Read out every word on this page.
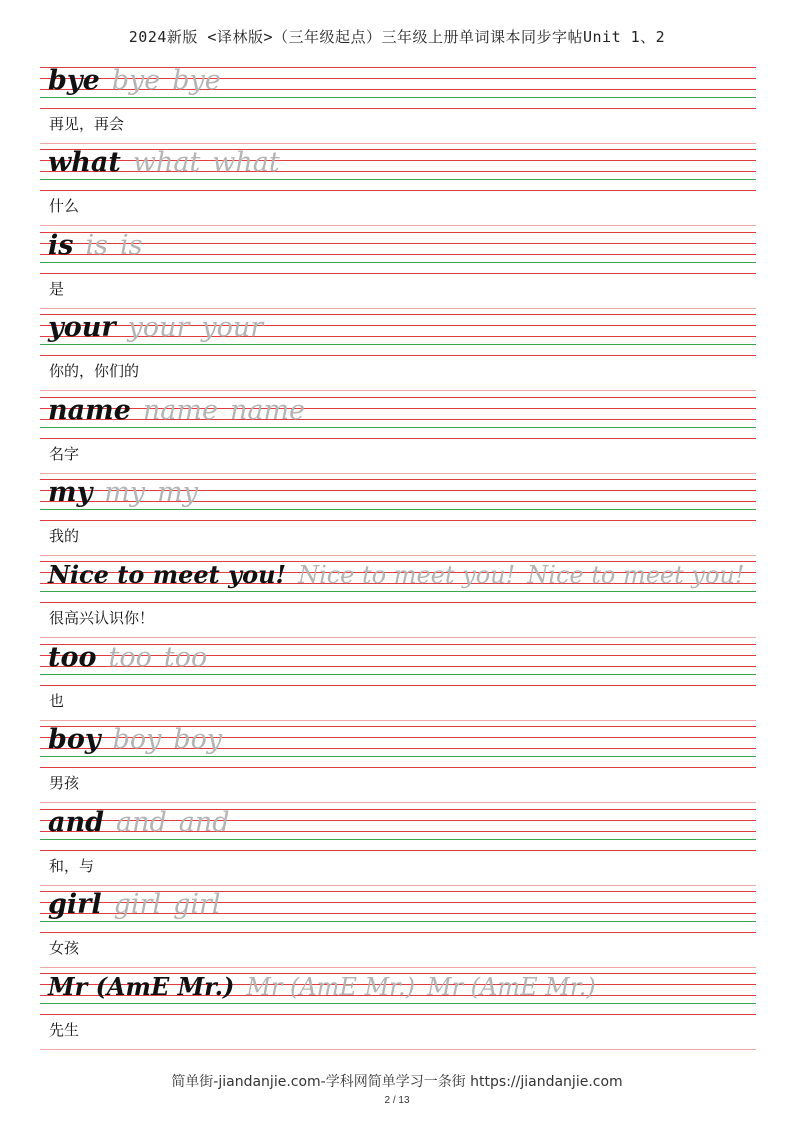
2024新版 <译林版>（三年级起点）三年级上册单词课本同步字帖Unit 1、2
bye bye bye
再见，再会
what what what
什么
is is is
是
your your your
你的，你们的
name name name
名字
my my my
我的
Nice to meet you! Nice to meet you! Nice to meet you!
很高兴认识你！
too too too
也
boy boy boy
男孩
and and and
和，与
girl girl girl
女孩
Mr (AmE Mr.) Mr (AmE Mr.) Mr (AmE Mr.)
先生
简单街-jiandanjie.com-学科网简单学习一条街 https://jiandanjie.com
2 / 13
